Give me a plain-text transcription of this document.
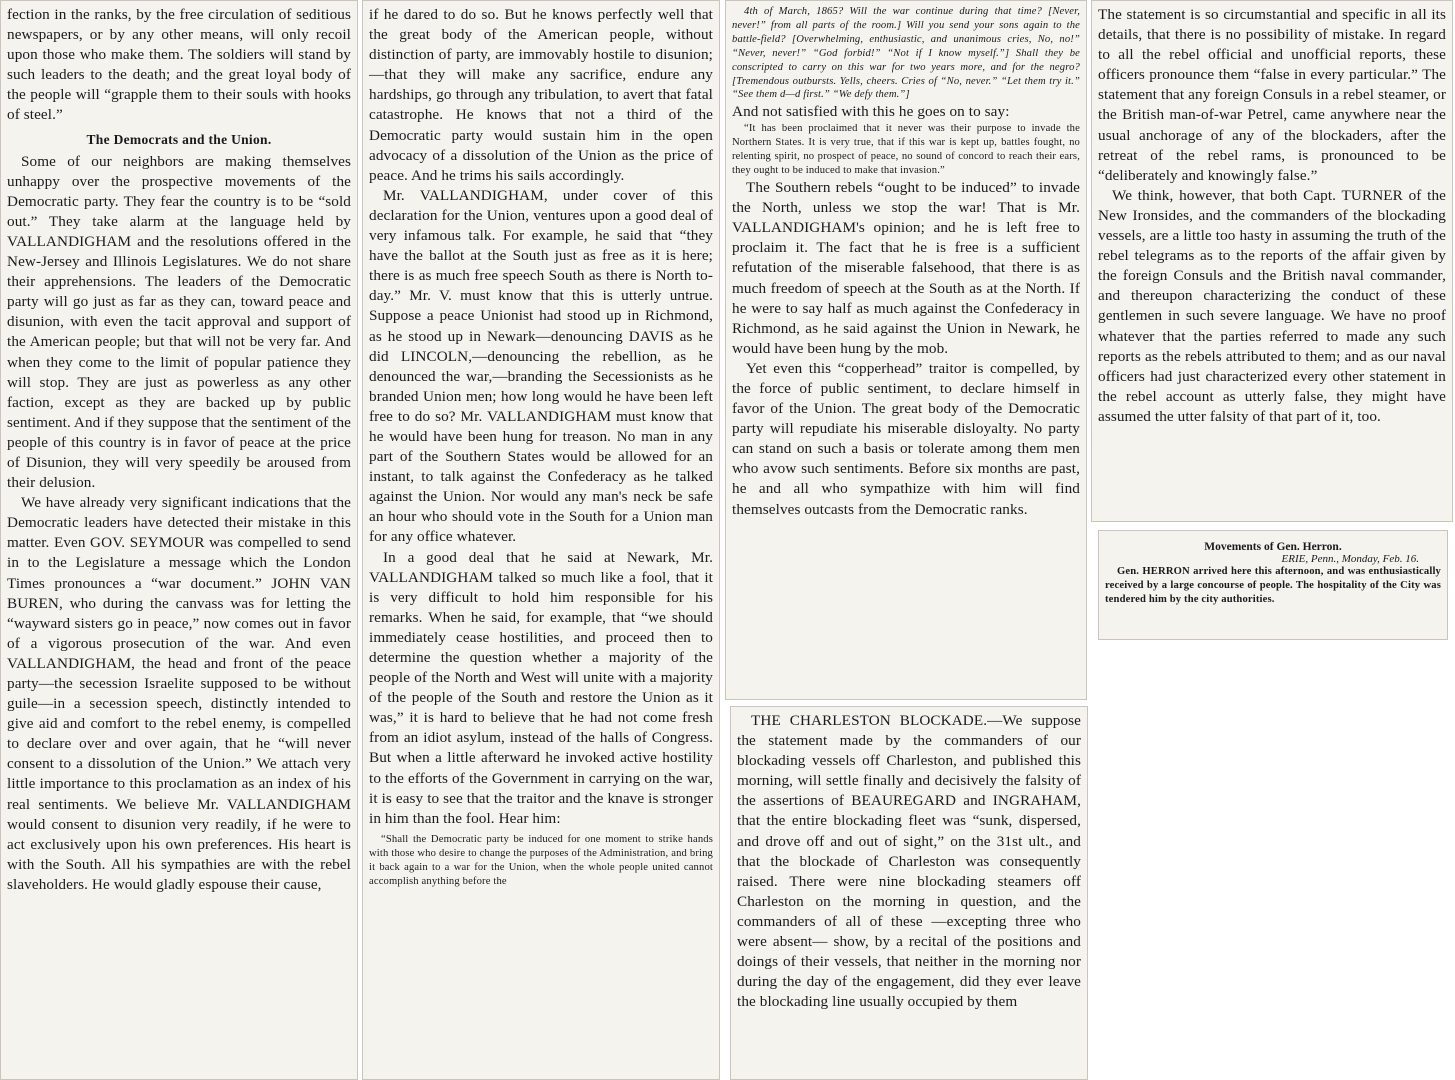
fection in the ranks, by the free circulation of seditious newspapers, or by any other means, will only recoil upon those who make them. The soldiers will stand by such leaders to the death; and the great loyal body of the people will “grapple them to their souls with hooks of steel.”

The Democrats and the Union.

Some of our neighbors are making themselves unhappy over the prospective movements of the Democratic party. They fear the country is to be “sold out.” They take alarm at the language held by VALLANDIGHAM and the resolutions offered in the New-Jersey and Illinois Legislatures. We do not share their apprehensions. The leaders of the Democratic party will go just as far as they can, toward peace and disunion, with even the tacit approval and support of the American people; but that will not be very far. And when they come to the limit of popular patience they will stop. They are just as powerless as any other faction, except as they are backed up by public sentiment. And if they suppose that the sentiment of the people of this country is in favor of peace at the price of Disunion, they will very speedily be aroused from their delusion.

We have already very significant indications that the Democratic leaders have detected their mistake in this matter. Even GOV. SEYMOUR was compelled to send in to the Legislature a message which the London Times pronounces a “war document.” JOHN VAN BUREN, who during the canvass was for letting the “wayward sisters go in peace,” now comes out in favor of a vigorous prosecution of the war. And even VALLANDIGHAM, the head and front of the peace party—the secession Israelite supposed to be without guile—in a secession speech, distinctly intended to give aid and comfort to the rebel enemy, is compelled to declare over and over again, that he “will never consent to a dissolution of the Union.” We attach very little importance to this proclamation as an index of his real sentiments. We believe Mr. VALLANDIGHAM would consent to disunion very readily, if he were to act exclusively upon his own preferences. His heart is with the South. All his sympathies are with the rebel slaveholders. He would gladly espouse their cause,

if he dared to do so. But he knows perfectly well that the great body of the American people, without distinction of party, are immovably hostile to disunion;—that they will make any sacrifice, endure any hardships, go through any tribulation, to avert that fatal catastrophe. He knows that not a third of the Democratic party would sustain him in the open advocacy of a dissolution of the Union as the price of peace. And he trims his sails accordingly.

Mr. VALLANDIGHAM, under cover of this declaration for the Union, ventures upon a good deal of very infamous talk. For example, he said that “they have the ballot at the South just as free as it is here; there is as much free speech South as there is North to-day.” Mr. V. must know that this is utterly untrue. Suppose a peace Unionist had stood up in Richmond, as he stood up in Newark—denouncing DAVIS as he did LINCOLN,—denouncing the rebellion, as he denounced the war,—branding the Secessionists as he branded Union men; how long would he have been left free to do so? Mr. VALLANDIGHAM must know that he would have been hung for treason. No man in any part of the Southern States would be allowed for an instant, to talk against the Confederacy as he talked against the Union. Nor would any man's neck be safe an hour who should vote in the South for a Union man for any office whatever.

In a good deal that he said at Newark, Mr. VALLANDIGHAM talked so much like a fool, that it is very difficult to hold him responsible for his remarks. When he said, for example, that “we should immediately cease hostilities, and proceed then to determine the question whether a majority of the people of the North and West will unite with a majority of the people of the South and restore the Union as it was,” it is hard to believe that he had not come fresh from an idiot asylum, instead of the halls of Congress. But when a little afterward he invoked active hostility to the efforts of the Government in carrying on the war, it is easy to see that the traitor and the knave is stronger in him than the fool. Hear him:

“Shall the Democratic party be induced for one moment to strike hands with those who desire to change the purposes of the Administration, and bring it back again to a war for the Union, when the whole people united cannot accomplish anything before the

4th of March, 1865? Will the war continue during that time? [Never, never!” from all parts of the room.] Will you send your sons again to the battle-field? [Overwhelming, enthusiastic, and unanimous cries, No, no!” “Never, never!” “God forbid!” “Not if I know myself.”] Shall they be conscripted to carry on this war for two years more, and for the negro? [Tremendous outbursts. Yells, cheers. Cries of “No, never.” “Let them try it.” “See them d—d first.” “We defy them.”]

And not satisfied with this he goes on to say:

“It has been proclaimed that it never was their purpose to invade the Northern States. It is very true, that if this war is kept up, battles fought, no relenting spirit, no prospect of peace, no sound of concord to reach their ears, they ought to be induced to make that invasion.”

The Southern rebels “ought to be induced” to invade the North, unless we stop the war! That is Mr. VALLANDIGHAM's opinion; and he is left free to proclaim it. The fact that he is free is a sufficient refutation of the miserable falsehood, that there is as much freedom of speech at the South as at the North. If he were to say half as much against the Confederacy in Richmond, as he said against the Union in Newark, he would have been hung by the mob.

Yet even this “copperhead” traitor is compelled, by the force of public sentiment, to declare himself in favor of the Union. The great body of the Democratic party will repudiate his miserable disloyalty. No party can stand on such a basis or tolerate among them men who avow such sentiments. Before six months are past, he and all who sympathize with him will find themselves outcasts from the Democratic ranks.

THE CHARLESTON BLOCKADE.—We suppose the statement made by the commanders of our blockading vessels off Charleston, and published this morning, will settle finally and decisively the falsity of the assertions of BEAUREGARD and INGRAHAM, that the entire blockading fleet was “sunk, dispersed, and drove off and out of sight,” on the 31st ult., and that the blockade of Charleston was consequently raised. There were nine blockading steamers off Charleston on the morning in question, and the commanders of all of these —excepting three who were absent— show, by a recital of the positions and doings of their vessels, that neither in the morning nor during the day of the engagement, did they ever leave the blockading line usually occupied by them

The statement is so circumstantial and specific in all its details, that there is no possibility of mistake. In regard to all the rebel official and unofficial reports, these officers pronounce them “false in every particular.” The statement that any foreign Consuls in a rebel steamer, or the British man-of-war Petrel, came anywhere near the usual anchorage of any of the blockaders, after the retreat of the rebel rams, is pronounced to be “deliberately and knowingly false.”

We think, however, that both Capt. TURNER of the New Ironsides, and the commanders of the blockading vessels, are a little too hasty in assuming the truth of the rebel telegrams as to the reports of the affair given by the foreign Consuls and the British naval commander, and thereupon characterizing the conduct of these gentlemen in such severe language. We have no proof whatever that the parties referred to made any such reports as the rebels attributed to them; and as our naval officers had just characterized every other statement in the rebel account as utterly false, they might have assumed the utter falsity of that part of it, too.

Movements of Gen. Herron.

ERIE, Penn., Monday, Feb. 16.

Gen. HERRON arrived here this afternoon, and was enthusiastically received by a large concourse of people. The hospitality of the City was tendered him by the city authorities.
